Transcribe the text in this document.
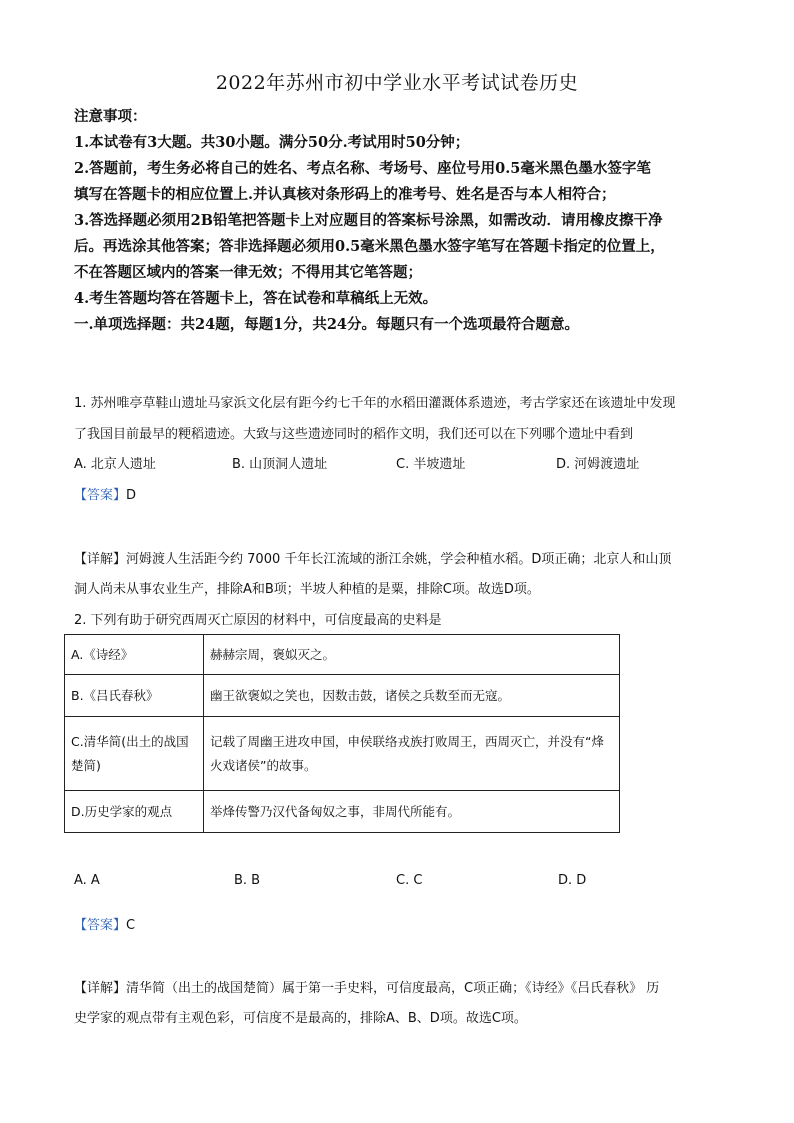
2022年苏州市初中学业水平考试试卷历史
注意事项：
1.本试卷有3大题。共30小题。满分50分.考试用时50分钟；
2.答题前，考生务必将自己的姓名、考点名称、考场号、座位号用0.5毫米黑色墨水签字笔
填写在答题卡的相应位置上.并认真核对条形码上的准考号、姓名是否与本人相符合；
3.答选择题必须用2B铅笔把答题卡上对应题目的答案标号涂黑，如需改动．请用橡皮擦干净
后。再选涂其他答案；答非选择题必须用0.5毫米黑色墨水签字笔写在答题卡指定的位置上，
不在答题区域内的答案一律无效；不得用其它笔答题；
4.考生答题均答在答题卡上，答在试卷和草稿纸上无效。
一.单项选择题：共24题，每题1分，共24分。每题只有一个选项最符合题意。
1. 苏州唯亭草鞋山遗址马家浜文化层有距今约七千年的水稻田灌溉体系遗迹，考古学家还在该遗址中发现
了我国目前最早的粳稻遗迹。大致与这些遗迹同时的稻作文明，我们还可以在下列哪个遗址中看到
A. 北京人遗址	B. 山顶洞人遗址	C. 半坡遗址	D. 河姆渡遗址
【答案】D
【详解】河姆渡人生活距今约 7000 千年长江流域的浙江余姚，学会种植水稻。D项正确；北京人和山顶
洞人尚未从事农业生产，排除A和B项；半坡人种植的是粟，排除C项。故选D项。
2. 下列有助于研究西周灭亡原因的材料中，可信度最高的史料是
A.《诗经》	赫赫宗周，褒姒灭之。
B.《吕氏春秋》	幽王欲褒姒之笑也，因数击鼓，诸侯之兵数至而无寇。
C.清华简(出土的战国楚简)	记载了周幽王进攻申国，申侯联络戎族打败周王，西周灭亡，并没有“烽火戏诸侯”的故事。
D.历史学家的观点	举烽传警乃汉代备匈奴之事，非周代所能有。
A. A	B. B	C. C	D. D
【答案】C
【详解】清华简（出土的战国楚简）属于第一手史料，可信度最高，C项正确；《诗经》《吕氏春秋》 历
史学家的观点带有主观色彩，可信度不是最高的，排除A、B、D项。故选C项。
